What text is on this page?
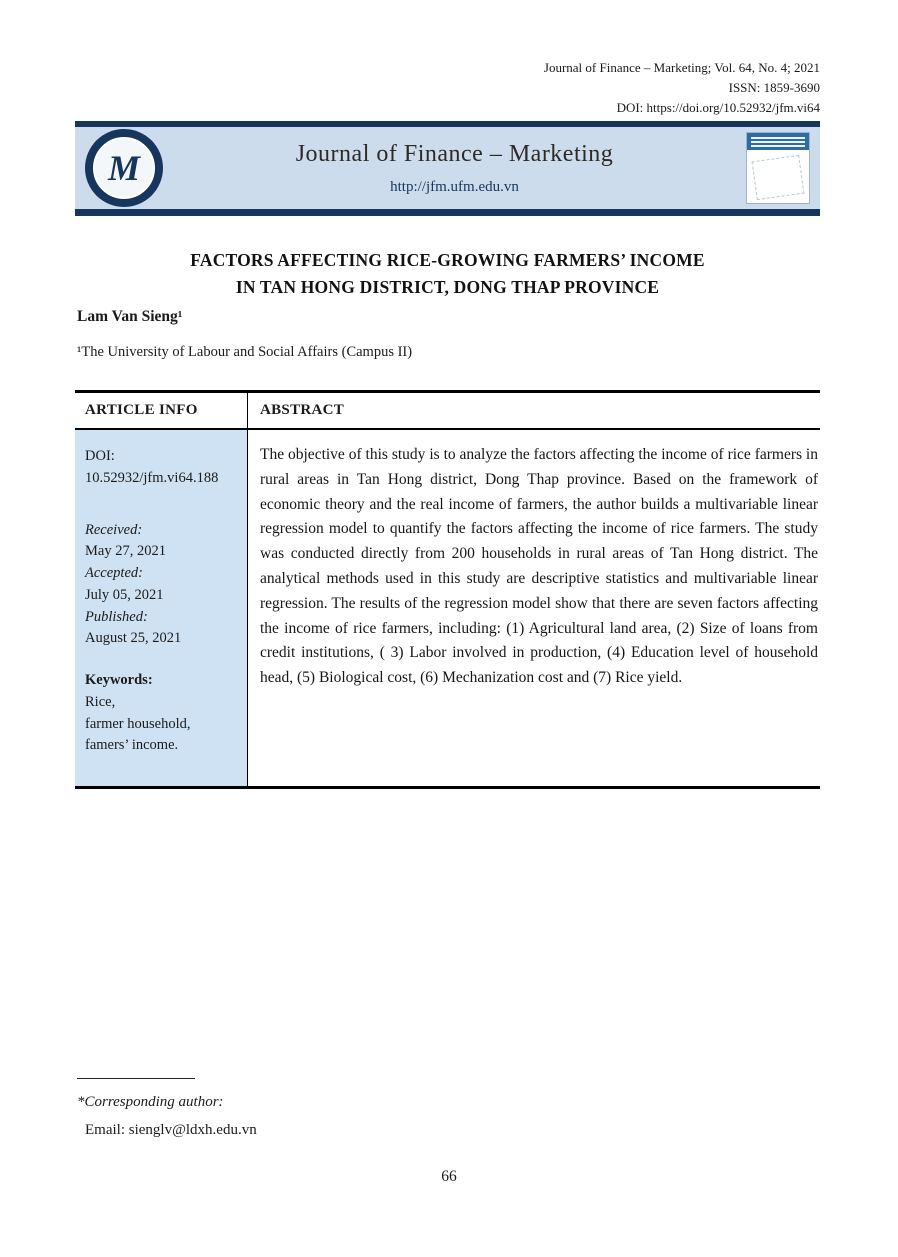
Journal of Finance – Marketing; Vol. 64, No. 4; 2021
ISSN: 1859-3690
DOI: https://doi.org/10.52932/jfm.vi64
M	Journal of Finance – Marketing
http://jfm.ufm.edu.vn
FACTORS AFFECTING RICE-GROWING FARMERS’ INCOME
IN TAN HONG DISTRICT, DONG THAP PROVINCE
Lam Van Sieng¹
¹The University of Labour and Social Affairs (Campus II)
ARTICLE INFO	ABSTRACT
DOI:
10.52932/jfm.vi64.188
Received:
May 27, 2021
Accepted:
July 05, 2021
Published:
August 25, 2021
Keywords:
Rice,
farmer household,
famers’ income.
The objective of this study is to analyze the factors affecting the income of rice farmers in rural areas in Tan Hong district, Dong Thap province. Based on the framework of economic theory and the real income of farmers, the author builds a multivariable linear regression model to quantify the factors affecting the income of rice farmers. The study was conducted directly from 200 households in rural areas of Tan Hong district. The analytical methods used in this study are descriptive statistics and multivariable linear regression. The results of the regression model show that there are seven factors affecting the income of rice farmers, including: (1) Agricultural land area, (2) Size of loans from credit institutions, ( 3) Labor involved in production, (4) Education level of household head, (5) Biological cost, (6) Mechanization cost and (7) Rice yield.
*Corresponding author:
Email: sienglv@ldxh.edu.vn
66
